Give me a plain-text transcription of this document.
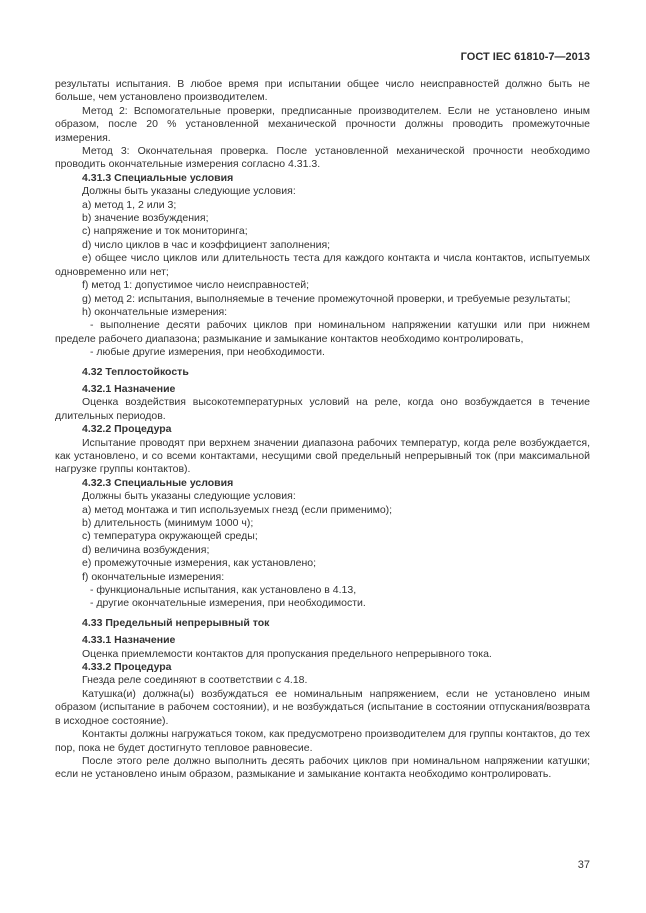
ГОСТ IEC 61810-7—2013

результаты испытания. В любое время при испытании общее число неисправностей должно быть не больше, чем установлено производителем.

Метод 2: Вспомогательные проверки, предписанные производителем. Если не установлено иным образом, после 20 % установленной механической прочности должны проводить промежуточные измерения.

Метод 3: Окончательная проверка. После установленной механической прочности необходимо проводить окончательные измерения согласно 4.31.3.

4.31.3 Специальные условия

Должны быть указаны следующие условия:

a) метод 1, 2 или 3;

b) значение возбуждения;

c) напряжение и ток мониторинга;

d) число циклов в час и коэффициент заполнения;

e) общее число циклов или длительность теста для каждого контакта и числа контактов, испытуемых одновременно или нет;

f) метод 1: допустимое число неисправностей;

g) метод 2: испытания, выполняемые в течение промежуточной проверки, и требуемые результаты;

h) окончательные измерения:

- выполнение десяти рабочих циклов при номинальном напряжении катушки или при нижнем пределе рабочего диапазона; размыкание и замыкание контактов необходимо контролировать,

- любые другие измерения, при необходимости.

4.32 Теплостойкость

4.32.1 Назначение

Оценка воздействия высокотемпературных условий на реле, когда оно возбуждается в течение длительных периодов.

4.32.2 Процедура

Испытание проводят при верхнем значении диапазона рабочих температур, когда реле возбуждается, как установлено, и со всеми контактами, несущими свой предельный непрерывный ток (при максимальной нагрузке группы контактов).

4.32.3 Специальные условия

Должны быть указаны следующие условия:

a) метод монтажа и тип используемых гнезд (если применимо);

b) длительность (минимум 1000 ч);

c) температура окружающей среды;

d) величина возбуждения;

e) промежуточные измерения, как установлено;

f) окончательные измерения:

- функциональные испытания, как установлено в 4.13,

- другие окончательные измерения, при необходимости.

4.33 Предельный непрерывный ток

4.33.1 Назначение

Оценка приемлемости контактов для пропускания предельного непрерывного тока.

4.33.2 Процедура

Гнезда реле соединяют в соответствии с 4.18.

Катушка(и) должна(ы) возбуждаться ее номинальным напряжением, если не установлено иным образом (испытание в рабочем состоянии), и не возбуждаться (испытание в состоянии отпускания/возврата в исходное состояние).

Контакты должны нагружаться током, как предусмотрено производителем для группы контактов, до тех пор, пока не будет достигнуто тепловое равновесие.

После этого реле должно выполнить десять рабочих циклов при номинальном напряжении катушки; если не установлено иным образом, размыкание и замыкание контакта необходимо контролировать.

37
